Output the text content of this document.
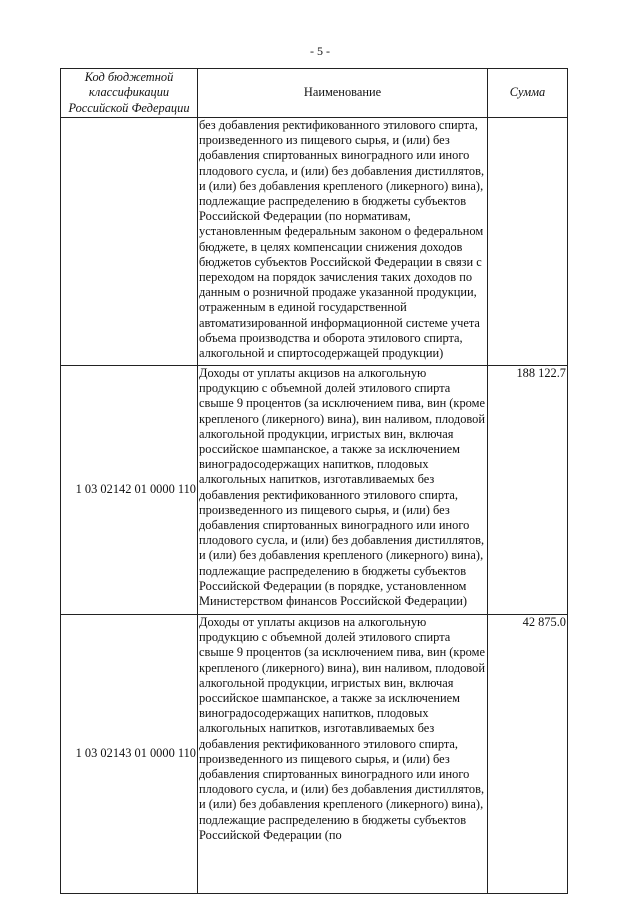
- 5 -
Код бюджетной классификации Российской Федерации	Наименование	Сумма
	без добавления ректификованного этилового спирта, произведенного из пищевого сырья, и (или) без добавления спиртованных виноградного или иного плодового сусла, и (или) без добавления дистиллятов, и (или) без добавления крепленого (ликерного) вина), подлежащие распределению в бюджеты субъектов Российской Федерации (по нормативам, установленным федеральным законом о федеральном бюджете, в целях компенсации снижения доходов бюджетов субъектов Российской Федерации в связи с переходом на порядок зачисления таких доходов по данным о розничной продаже указанной продукции, отраженным в единой государственной автоматизированной информационной системе учета объема производства и оборота этилового спирта, алкогольной и спиртосодержащей продукции)	
1 03 02142 01 0000 110	Доходы от уплаты акцизов на алкогольную продукцию с объемной долей этилового спирта свыше 9 процентов (за исключением пива, вин (кроме крепленого (ликерного) вина), вин наливом, плодовой алкогольной продукции, игристых вин, включая российское шампанское, а также за исключением виноградосодержащих напитков, плодовых алкогольных напитков, изготавливаемых без добавления ректификованного этилового спирта, произведенного из пищевого сырья, и (или) без добавления спиртованных виноградного или иного плодового сусла, и (или) без добавления дистиллятов, и (или) без добавления крепленого (ликерного) вина), подлежащие распределению в бюджеты субъектов Российской Федерации (в порядке, установленном Министерством финансов Российской Федерации)	188 122.7
1 03 02143 01 0000 110	Доходы от уплаты акцизов на алкогольную продукцию с объемной долей этилового спирта свыше 9 процентов (за исключением пива, вин (кроме крепленого (ликерного) вина), вин наливом, плодовой алкогольной продукции, игристых вин, включая российское шампанское, а также за исключением виноградосодержащих напитков, плодовых алкогольных напитков, изготавливаемых без добавления ректификованного этилового спирта, произведенного из пищевого сырья, и (или) без добавления спиртованных виноградного или иного плодового сусла, и (или) без добавления дистиллятов, и (или) без добавления крепленого (ликерного) вина), подлежащие распределению в бюджеты субъектов Российской Федерации (по	42 875.0
